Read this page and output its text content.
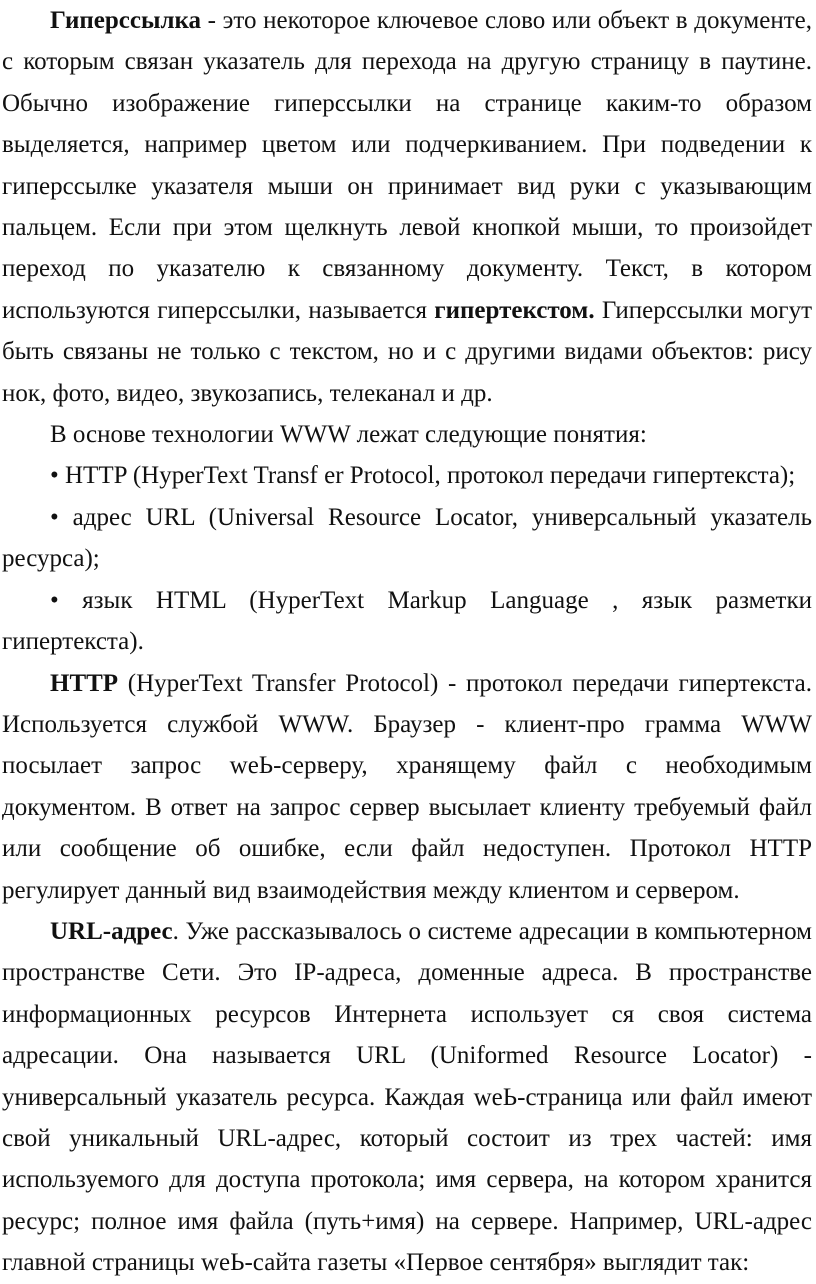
Гиперссылка - это некоторое ключевое слово или объект в документе, с которым связан указатель для перехода на другую страницу в паутине. Обычно изображение гиперссылки на странице каким-то образом выделяется, например цветом или подчеркиванием. При подведении к гиперссылке указателя мыши он принимает вид руки с указывающим пальцем. Если при этом щелкнуть левой кнопкой мыши, то произойдет переход по указателю к связанному документу. Текст, в котором используются гиперссылки, называется гипертекстом. Гиперссылки могут быть связаны не только с текстом, но и с другими видами объектов: рису нок, фото, видео, звукозапись, телеканал и др.

В основе технологии WWW лежат следующие понятия:

• HTTP (HyperText Transf er Protocol, протокол передачи гипертекста);

• адрес URL (Universal Resource Locator, универсальный указатель ресурса);

• язык HTML (HyperText Markup Language , язык разметки гипертекста).

HTTP (HyperText Transfer Protocol) - протокол передачи гипертекста. Используется службой WWW. Браузер - клиент-про грамма WWW посылает запрос weЬ-серверу, хранящему файл с необходимым документом. В ответ на запрос сервер высылает клиенту требуемый файл или сообщение об ошибке, если файл недоступен. Протокол HTTP регулирует данный вид взаимодействия между клиентом и сервером.

URL-адрес. Уже рассказывалось о системе адресации в компьютерном пространстве Сети. Это IP-адреса, доменные адреса. В пространстве информационных ресурсов Интернета использует ся своя система адресации. Она называется URL (Uniformed Resource Locator) - универсальный указатель ресурса. Каждая weЬ-страница или файл имеют свой уникальный URL-адрес, который состоит из трех частей: имя используемого для доступа протокола; имя сервера, на котором хранится ресурс; полное имя файла (путь+имя) на сервере. Например, URL-адрес главной страницы weЬ-сайта газеты «Первое сентября» выглядит так:
